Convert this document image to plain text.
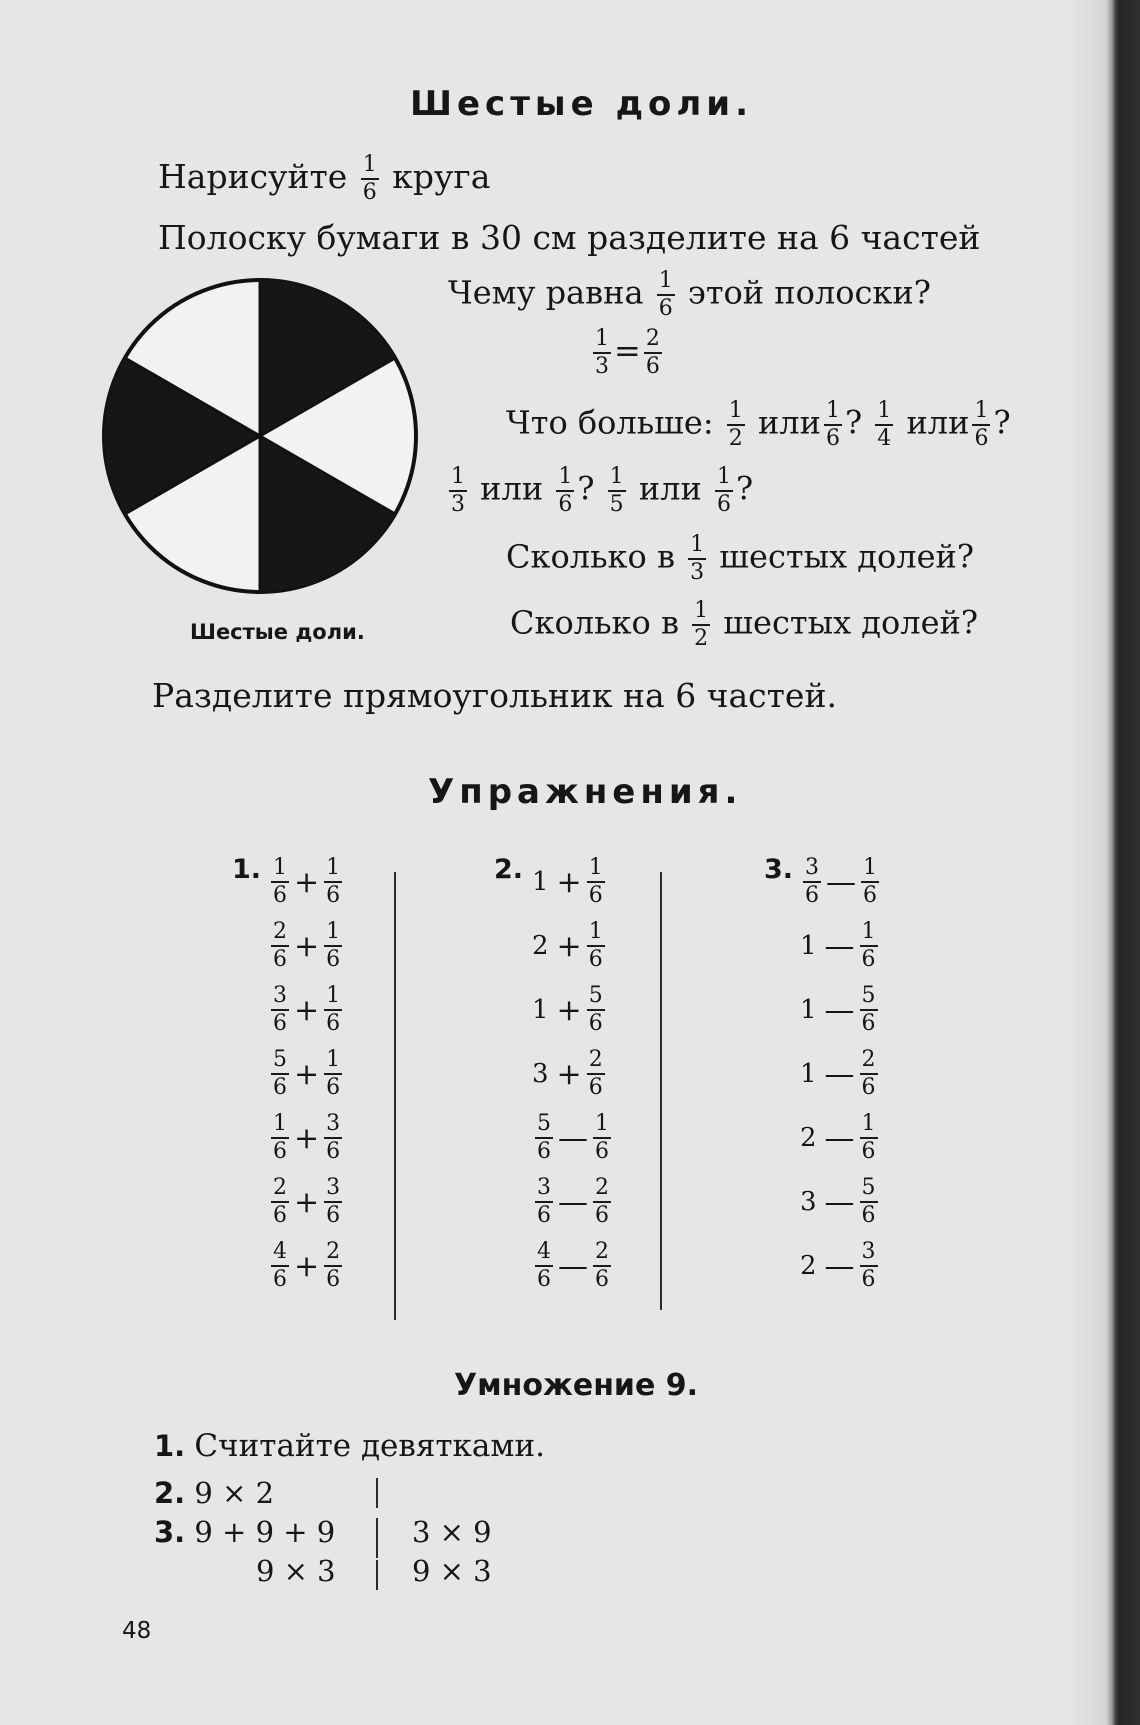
Шестые доли.
Нарисуйте $\frac{1}{6}$ круга
Полоску бумаги в 30 см разделите на 6 частей
Шестые доли.
Чему равна $\frac{1}{6}$ этой полоски?
$\frac{1}{3} = \frac{2}{6}$
Что больше: $\frac{1}{2}$ или $\frac{1}{6}$ ? $\frac{1}{4}$ или $\frac{1}{6}$ ?
$\frac{1}{3}$ или $\frac{1}{6}$ ? $\frac{1}{5}$ или $\frac{1}{6}$ ?
Сколько в $\frac{1}{3}$ шестых долей?
Сколько в $\frac{1}{2}$ шестых долей?
Разделите прямоугольник на 6 частей.
Упражнения.
1.	2.	3.
$\frac{1}{6} + \frac{1}{6}$
$\frac{2}{6} + \frac{1}{6}$
$\frac{3}{6} + \frac{1}{6}$
$\frac{5}{6} + \frac{1}{6}$
$\frac{1}{6} + \frac{3}{6}$
$\frac{2}{6} + \frac{3}{6}$
$\frac{4}{6} + \frac{2}{6}$
$1 + \frac{1}{6}$
$2 + \frac{1}{6}$
$1 + \frac{5}{6}$
$3 + \frac{2}{6}$
$\frac{5}{6}$ — $\frac{1}{6}$
$\frac{3}{6}$ — $\frac{2}{6}$
$\frac{4}{6}$ — $\frac{2}{6}$
$\frac{3}{6}$ — $\frac{1}{6}$
1 — $\frac{1}{6}$
1 — $\frac{5}{6}$
1 — $\frac{2}{6}$
2 — $\frac{1}{6}$
3 — $\frac{5}{6}$
2 — $\frac{3}{6}$
Умножение 9.
1. Считайте девятками.
2. 9 × 2
3. 9 + 9 + 9
9 × 3
3 × 9
9 × 3
48
